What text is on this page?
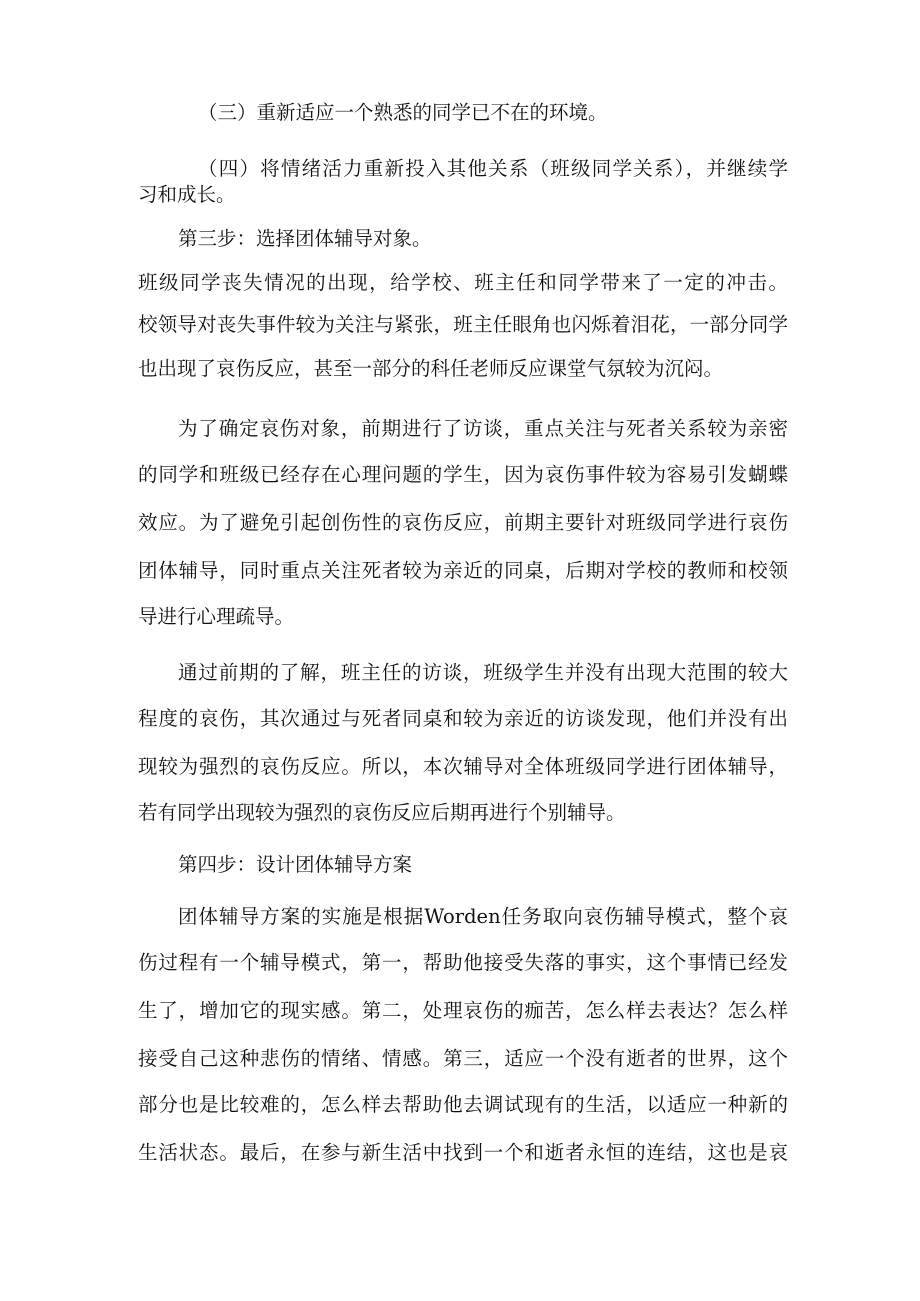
（三）重新适应一个熟悉的同学已不在的环境。
（四）将情绪活力重新投入其他关系（班级同学关系），并继续学
习和成长。
第三步：选择团体辅导对象。
班级同学丧失情况的出现，给学校、班主任和同学带来了一定的冲击。
校领导对丧失事件较为关注与紧张，班主任眼角也闪烁着泪花，一部分同学
也出现了哀伤反应，甚至一部分的科任老师反应课堂气氛较为沉闷。
为了确定哀伤对象，前期进行了访谈，重点关注与死者关系较为亲密
的同学和班级已经存在心理问题的学生，因为哀伤事件较为容易引发蝴蝶
效应。为了避免引起创伤性的哀伤反应，前期主要针对班级同学进行哀伤
团体辅导，同时重点关注死者较为亲近的同桌，后期对学校的教师和校领
导进行心理疏导。
通过前期的了解，班主任的访谈，班级学生并没有出现大范围的较大
程度的哀伤，其次通过与死者同桌和较为亲近的访谈发现，他们并没有出
现较为强烈的哀伤反应。所以，本次辅导对全体班级同学进行团体辅导，
若有同学出现较为强烈的哀伤反应后期再进行个别辅导。
第四步：设计团体辅导方案
团体辅导方案的实施是根据Worden任务取向哀伤辅导模式，整个哀
伤过程有一个辅导模式，第一，帮助他接受失落的事实，这个事情已经发
生了，增加它的现实感。第二，处理哀伤的痂苦，怎么样去表达？怎么样
接受自己这种悲伤的情绪、情感。第三，适应一个没有逝者的世界，这个
部分也是比较难的，怎么样去帮助他去调试现有的生活，以适应一种新的
生活状态。最后，在参与新生活中找到一个和逝者永恒的连结，这也是哀
